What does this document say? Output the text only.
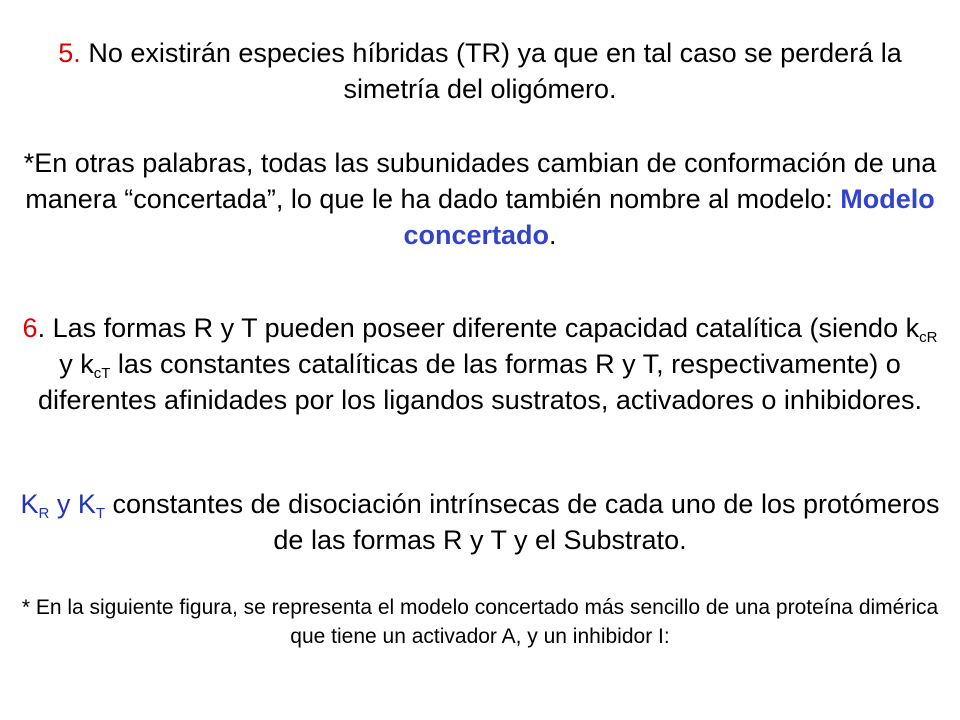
5. No existirán especies híbridas (TR) ya que en tal caso se perderá la simetría del oligómero.

*En otras palabras, todas las subunidades cambian de conformación de una manera “concertada”, lo que le ha dado también nombre al modelo: Modelo concertado.

6. Las formas R y T pueden poseer diferente capacidad catalítica (siendo $k_{cR}$ y $k_{cT}$ las constantes catalíticas de las formas R y T, respectivamente) o diferentes afinidades por los ligandos sustratos, activadores o inhibidores.

$K_R$ y $K_T$ constantes de disociación intrínsecas de cada uno de los protómeros de las formas R y T y el Substrato.

* En la siguiente figura, se representa el modelo concertado más sencillo de una proteína dimérica que tiene un activador A, y un inhibidor I:
